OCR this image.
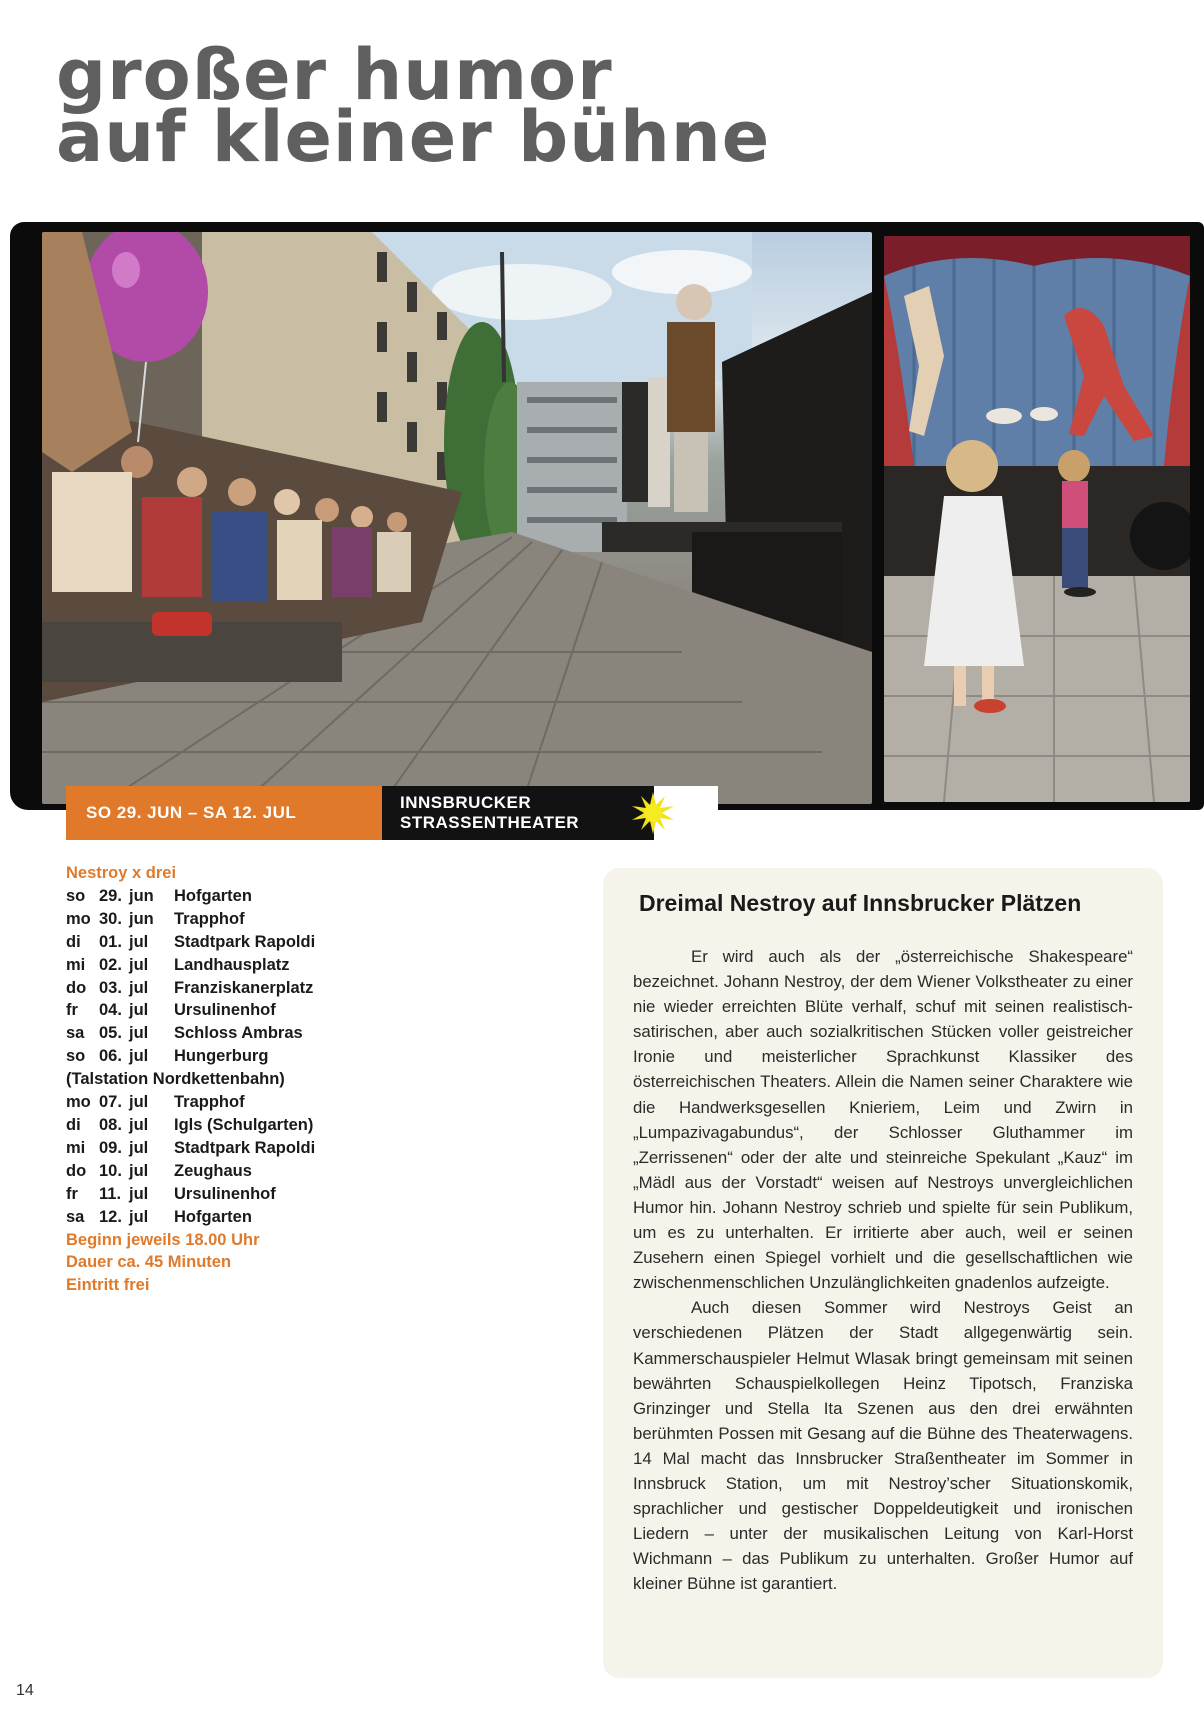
großer humor
auf kleiner bühne
SO 29. JUN – SA 12. JUL
INNSBRUCKER
STRASSENTHEATER
Nestroy x drei
so 29. jun	Hofgarten
mo 30. jun	Trapphof
di	01. jul	Stadtpark Rapoldi
mi 02. jul	Landhausplatz
do 03. jul	Franziskanerplatz
fr	04. jul	Ursulinenhof
sa 05. jul	Schloss Ambras
so 06. jul	Hungerburg
(Talstation Nordkettenbahn)
mo 07. jul	Trapphof
di	08. jul	Igls (Schulgarten)
mi 09. jul	Stadtpark Rapoldi
do 10. jul	Zeughaus
fr	11. jul	Ursulinenhof
sa 12. jul	Hofgarten
Beginn jeweils 18.00 Uhr
Dauer ca. 45 Minuten
Eintritt frei
Dreimal Nestroy auf Innsbrucker Plätzen

Er wird auch als der „österreichische Shakespeare“ bezeichnet. Johann Nestroy, der dem Wiener Volkstheater zu einer nie wieder erreichten Blüte verhalf, schuf mit seinen realistisch-satirischen, aber auch sozialkritischen Stücken voller geistreicher Ironie und meisterlicher Sprachkunst Klassiker des österreichischen Theaters. Allein die Namen seiner Charaktere wie die Handwerksgesellen Knieriem, Leim und Zwirn in „Lumpazivagabundus“, der Schlosser Gluthammer im „Zerrissenen“ oder der alte und steinreiche Spekulant „Kauz“ im „Mädl aus der Vorstadt“ weisen auf Nestroys unvergleichlichen Humor hin. Johann Nestroy schrieb und spielte für sein Publikum, um es zu unterhalten. Er irritierte aber auch, weil er seinen Zusehern einen Spiegel vorhielt und die gesellschaftlichen wie zwischenmenschlichen Unzulänglichkeiten gnadenlos aufzeigte.

Auch diesen Sommer wird Nestroys Geist an verschiedenen Plätzen der Stadt allgegenwärtig sein. Kammerschauspieler Helmut Wlasak bringt gemeinsam mit seinen bewährten Schauspielkollegen Heinz Tipotsch, Franziska Grinzinger und Stella Ita Szenen aus den drei erwähnten berühmten Possen mit Gesang auf die Bühne des Theaterwagens. 14 Mal macht das Innsbrucker Straßentheater im Sommer in Innsbruck Station, um mit Nestroy’scher Situationskomik, sprachlicher und gestischer Doppeldeutigkeit und ironischen Liedern – unter der musikalischen Leitung von Karl-Horst Wichmann – das Publikum zu unterhalten. Großer Humor auf kleiner Bühne ist garantiert.

14
